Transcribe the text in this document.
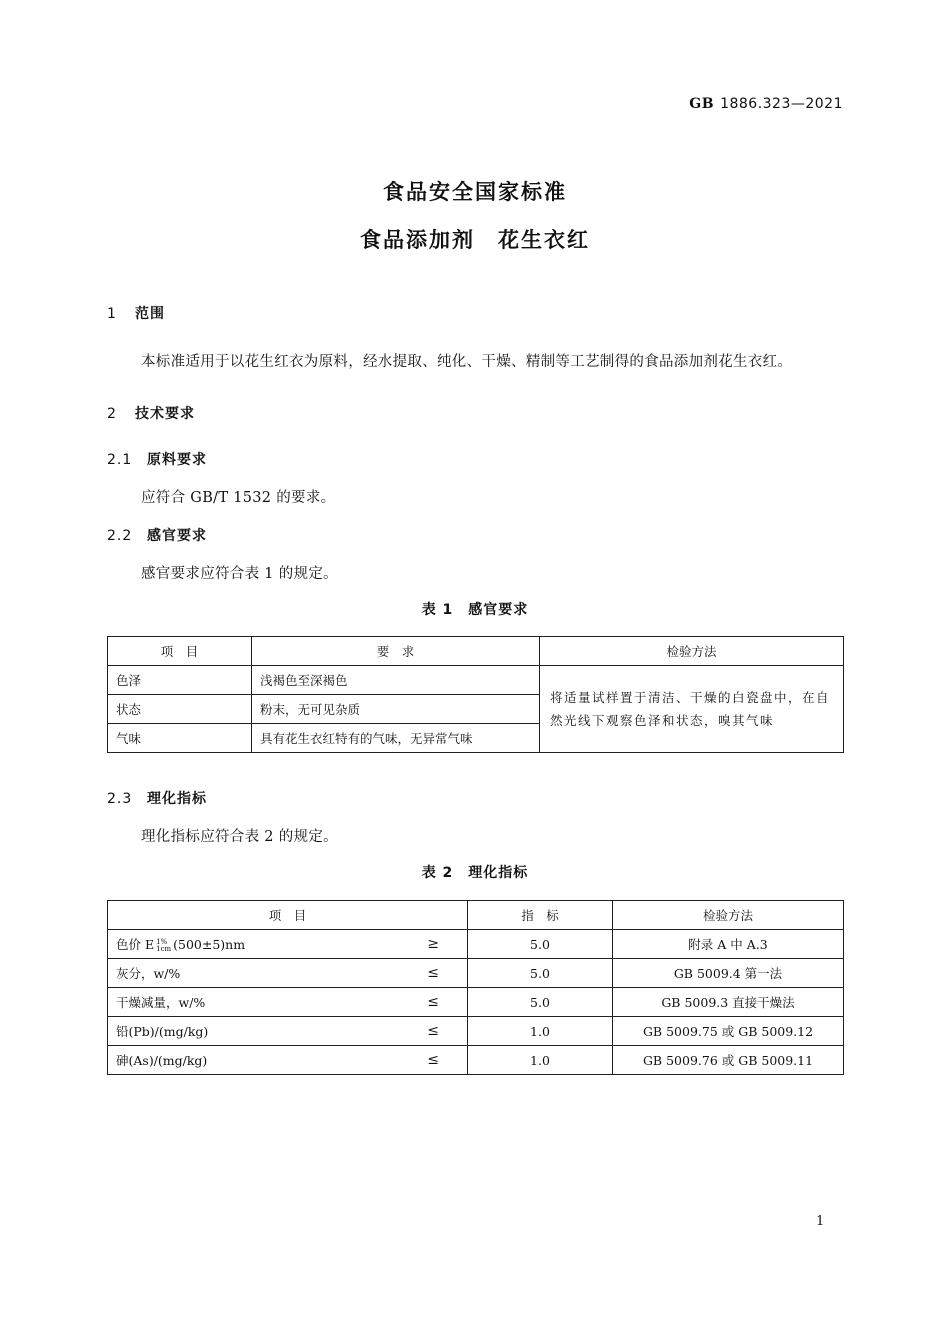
GB 1886.323—2021
食品安全国家标准
食品添加剂　花生衣红
1 范围
本标准适用于以花生红衣为原料，经水提取、纯化、干燥、精制等工艺制得的食品添加剂花生衣红。
2 技术要求
2.1 原料要求
应符合 GB/T 1532 的要求。
2.2 感官要求
感官要求应符合表 1 的规定。
表 1　感官要求
项　目	要　求	检验方法
色泽	浅褐色至深褐色	将适量试样置于清洁、干燥的白瓷盘中，在自然光线下观察色泽和状态，嗅其气味
状态	粉末，无可见杂质	
气味	具有花生衣红特有的气味，无异常气味	
2.3 理化指标
理化指标应符合表 2 的规定。
表 2　理化指标
项　目	指　标	检验方法

色价 E 1%
1cm (500±5)nm ≥	5.0	附录 A 中 A.3

灰分，w/% ≤	5.0	GB 5009.4 第一法

干燥减量，w/% ≤	5.0	GB 5009.3 直接干燥法

铅(Pb)/(mg/kg) ≤	1.0	GB 5009.75 或 GB 5009.12

砷(As)/(mg/kg) ≤	1.0	GB 5009.76 或 GB 5009.11
1
